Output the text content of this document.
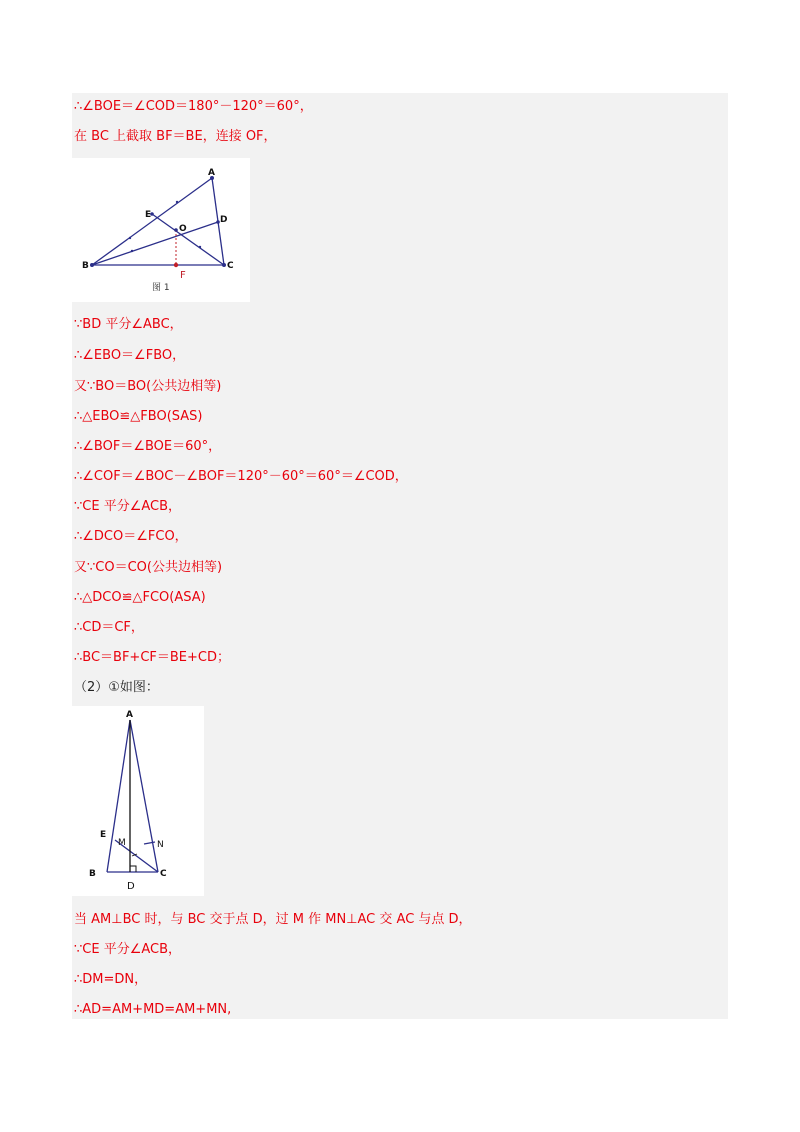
∴∠BOE＝∠COD＝180°－120°＝60°，
在 BC 上截取 BF＝BE，连接 OF，
A
B	C
D
E
O
F
图 1
∵BD 平分∠ABC，
∴∠EBO＝∠FBO，
又∵BO＝BO(公共边相等)
∴△EBO≌△FBO(SAS)
∴∠BOF＝∠BOE＝60°，
∴∠COF＝∠BOC－∠BOF＝120°－60°＝60°＝∠COD，
∵CE 平分∠ACB，
∴∠DCO＝∠FCO，
又∵CO＝CO(公共边相等)
∴△DCO≌△FCO(ASA)
∴CD＝CF，
∴BC＝BF+CF＝BE+CD；
（2）①如图：
A
B	C
E
D
M	N
当 AM⊥BC 时，与 BC 交于点 D，过 M 作 MN⊥AC 交 AC 与点 D，
∵CE 平分∠ACB，
∴DM=DN，
∴AD=AM+MD=AM+MN,
